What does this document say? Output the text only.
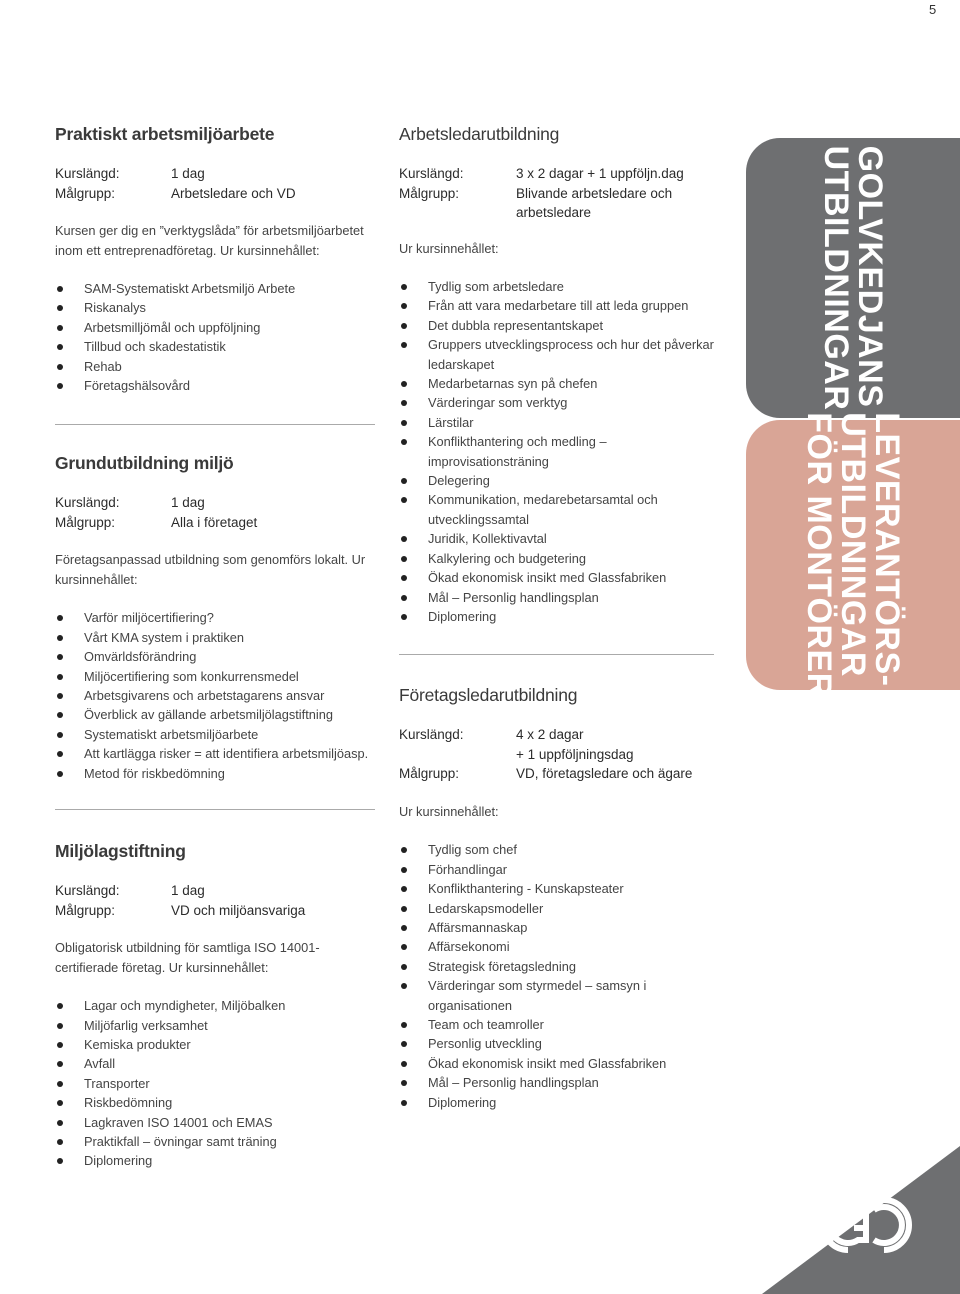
5
Praktiskt arbetsmiljöarbete
Kurslängd:	1 dag
Målgrupp:	Arbetsledare och VD
Kursen ger dig en ”verktygslåda” för arbetsmiljöarbetet inom ett entreprenadföretag. Ur kursinnehållet:
SAM-Systematiskt Arbetsmiljö Arbete
Riskanalys
Arbetsmilljömål och uppföljning
Tillbud och skadestatistik
Rehab
Företagshälsovård
Grundutbildning miljö
Kurslängd:	1 dag
Målgrupp:	Alla i företaget
Företagsanpassad utbildning som genomförs lokalt. Ur kursinnehållet:
Varför miljöcertifiering?
Vårt KMA system i praktiken
Omvärldsförändring
Miljöcertifiering som konkurrensmedel
Arbetsgivarens och arbetstagarens ansvar
Överblick av gällande arbetsmiljölagstiftning
Systematiskt arbetsmiljöarbete
Att kartlägga risker = att identifiera arbetsmiljöasp.
Metod för riskbedömning
Miljölagstiftning
Kurslängd:	1 dag
Målgrupp:	VD och miljöansvariga
Obligatorisk utbildning för samtliga ISO 14001-certifierade företag. Ur kursinnehållet:
Lagar och myndigheter, Miljöbalken
Miljöfarlig verksamhet
Kemiska produkter
Avfall
Transporter
Riskbedömning
Lagkraven ISO 14001 och EMAS
Praktikfall – övningar samt träning
Diplomering
Arbetsledarutbildning
Kurslängd:	3 x 2 dagar + 1 uppföljn.dag
Målgrupp:	Blivande arbetsledare och arbetsledare
Ur kursinnehållet:
Tydlig som arbetsledare
Från att vara medarbetare till att leda gruppen
Det dubbla representantskapet
Gruppers utvecklingsprocess och hur det påverkar ledarskapet
Medarbetarnas syn på chefen
Värderingar som verktyg
Lärstilar
Konflikthantering och medling – improvisationsträning
Delegering
Kommunikation, medarebetarsamtal och utvecklingssamtal
Juridik, Kollektivavtal
Kalkylering och budgetering
Ökad ekonomisk insikt med Glassfabriken
Mål – Personlig handlingsplan
Diplomering
Företagsledarutbildning
Kurslängd:	4 x 2 dagar
+ 1 uppföljningsdag
Målgrupp:	VD, företagsledare och ägare
Ur kursinnehållet:
Tydlig som chef
Förhandlingar
Konflikthantering - Kunskapsteater
Ledarskapsmodeller
Affärsmannaskap
Affärsekonomi
Strategisk företagsledning
Värderingar som styrmedel – samsyn i organisationen
Team och teamroller
Personlig utveckling
Ökad ekonomisk insikt med Glassfabriken
Mål – Personlig handlingsplan
Diplomering
GOLVKEDJANS
UTBILDNINGAR
LEVERANTÖRS-
UTBILDNINGAR
FÖR MONTÖRER
